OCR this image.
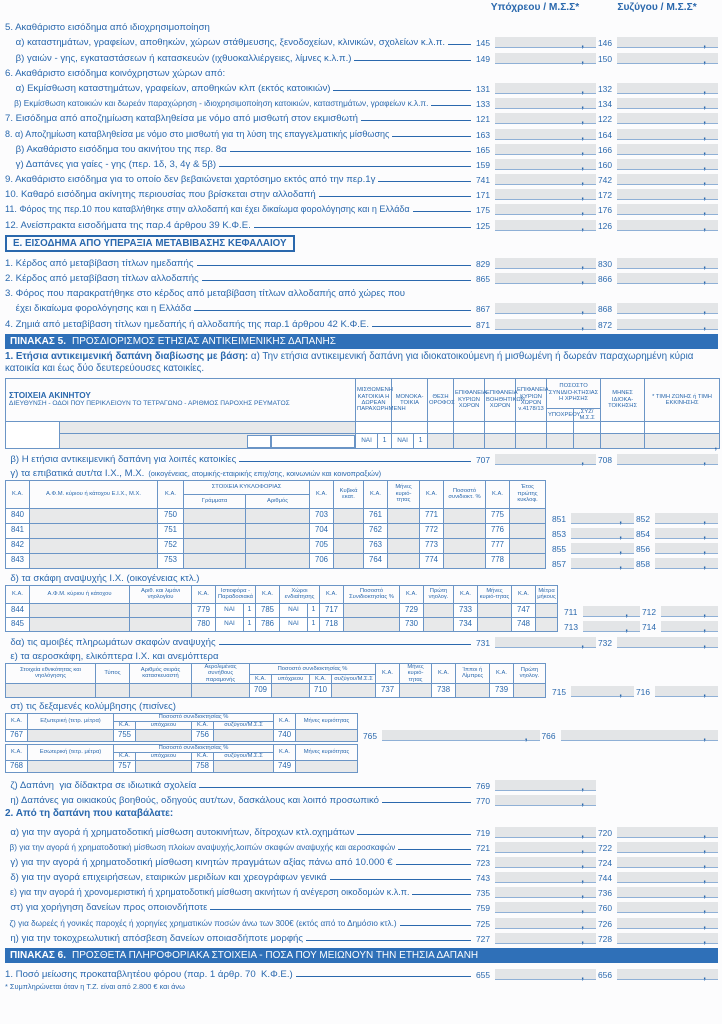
Υπόχρεου / Μ.Σ.Σ*	Συζύγου / Μ.Σ.Σ*
5. Ακαθάριστο εισόδημα από ιδιοχρησιμοποίηση
α) καταστημάτων, γραφείων, αποθηκών, χώρων στάθμευσης, ξενοδοχείων, κλινικών, σχολείων κ.λ.π.	145 ,	146
,
β) γαιών - γης, εγκαταστάσεων ή κατασκευών (ιχθυοκαλλιέργειες, λίμνες κ.λ.π.)	149 ,	150
,
6. Ακαθάριστο εισόδημα κοινόχρηστων χώρων από:
α) Εκμίσθωση καταστημάτων, γραφείων, αποθηκών κλπ (εκτός κατοικιών)	131 ,	132
,
β) Εκμίσθωση κατοικιών και δωρεάν παραχώρηση - ιδιοχρησιμοποίηση κατοικιών, καταστημάτων, γραφείων κ.λ.π.	133 ,	134
,
7. Εισόδημα από αποζημίωση καταβληθείσα με νόμο από μισθωτή στον εκμισθωτή	121 ,	122
,
8. α) Αποζημίωση καταβληθείσα με νόμο στο μισθωτή για τη λύση της επαγγελματικής μίσθωσης	163 ,	164
,
β) Ακαθάριστο εισόδημα του ακινήτου της περ. 8α	165 ,	166
,
γ) Δαπάνες για γαίες - γης (περ. 1δ, 3, 4γ & 5β)	159 ,	160
,
9. Ακαθάριστο εισόδημα για το οποίο δεν βεβαιώνεται χαρτόσημο εκτός από την περ.1γ	741 ,	742
,
10. Καθαρό εισόδημα ακίνητης περιουσίας που βρίσκεται στην αλλοδαπή	171 ,	172
,
11. Φόρος της περ.10 που καταβλήθηκε στην αλλοδαπή και έχει δικαίωμα φορολόγησης και η Ελλάδα	175 ,	176
,
12. Ανείσπρακτα εισοδήματα της παρ.4 άρθρου 39 Κ.Φ.Ε.	125 ,	126
,
Ε. ΕΙΣΟΔΗΜΑ ΑΠΟ ΥΠΕΡΑΞΙΑ ΜΕΤΑΒΙΒΑΣΗΣ ΚΕΦΑΛΑΙΟΥ
1. Κέρδος από μεταβίβαση τίτλων ημεδαπής	829 ,	830
,
2. Κέρδος από μεταβίβαση τίτλων αλλοδαπής	865 ,	866
,
3. Φόρος που παρακρατήθηκε στο κέρδος από μεταβίβαση τίτλων αλλοδαπής από χώρες που
έχει δικαίωμα φορολόγησης και η Ελλάδα	867 ,	868
,
4. Ζημιά από μεταβίβαση τίτλων ημεδαπής ή αλλοδαπής της παρ.1 άρθρου 42 Κ.Φ.Ε.	871 ,	872
,
ΠΙΝΑΚΑΣ 5. ΠΡΟΣΔΙΟΡΙΣΜΟΣ ΕΤΗΣΙΑΣ ΑΝΤΙΚΕΙΜΕΝΙΚΗΣ ΔΑΠΑΝΗΣ
1. Ετήσια αντικειμενική δαπάνη διαβίωσης με βάση: α) Την ετήσια αντικειμενική δαπάνη για ιδιοκατοικούμενη ή μισθωμένη ή δωρεάν παραχωρημένη κύρια κατοικία και έως δύο δευτερεύουσες κατοικίες.
ΣΤΟΙΧΕΙΑ ΑΚΙΝΗΤΟΥ
ΔΙΕΥΘΥΝΣΗ - ΟΔΟΙ ΠΟΥ ΠΕΡΙΚΛΕΙΟΥΝ ΤΟ ΤΕΤΡΑΓΩΝΟ - ΑΡΙΘΜΟΣ ΠΑΡΟΧΗΣ ΡΕΥΜΑΤΟΣ		ΜΙΣΘΩΜΕΝΗ ΚΑΤΟΙΚΙΑ Η ΔΩΡΕΑΝ ΠΑΡΑΧΩΡΗΜΕΝΗ		ΜΟΝΟΚΑ-ΤΟΙΚΙΑ		ΘΕΣΗ ΟΡΟΦΟΣ	ΕΠΙΦΑΝΕΙΑ ΚΥΡΙΩΝ ΧΩΡΩΝ	ΕΠΙΦΑΝΕΙΑ ΒΟΗΘΗΤΙΚΩΝ ΧΩΡΩΝ	ΕΠΙΦΑΝΕΙΑ ΚΥΡΙΩΝ ΧΩΡΩΝ ν.4178/13	ΠΟΣΟΣΤΟ ΣΥΝΙΔΙΟ-ΚΤΗΣΙΑΣ Η ΧΡΗΣΗΣ		ΜΗΝΕΣ ΙΔΙΟΚΑ-ΤΟΙΚΗΣΗΣ	* ΤΙΜΗ ΖΩΝΗΣ ή ΤΙΜΗ ΕΚΚΙΝΗΣΗΣ
										ΥΠΟΧΡΕΟΥ	ΣΥΖ/Μ.Σ.Σ		

		ΝΑΙ	1	ΝΑΙ	1								,
β) Η ετήσια αντικειμενική δαπάνη για λοιπές κατοικίες	707 ,	708
,
γ) τα επιβατικά αυτ/τα Ι.Χ., Μ.Χ. (οικογένειας, ατομικής-εταιρικής επιχ/σης, κοινωνιών και κοινοπραξιών)
Κ.Α.	Α.Φ.Μ. κύριου ή κάτοχου Ε.Ι.Χ., Μ.Χ.	Κ.Α.	ΣΤΟΙΧΕΙΑ ΚΥΚΛΟΦΟΡΙΑΣ		Κ.Α.	Κυβικά εκατ.	Κ.Α.	Μήνες κυριό-τητας	Κ.Α.	Ποσοστό συνιδιοκτ. %	Κ.Α.	Έτος πρώτης κυκλοφ.
			Γράμματα	Αριθμός								
840		750			703		761		771		775	
841		751			704		762		772		776	
842		752			705		763		773		777	
843		753			706		764		774		778	
851 ,	852
,
853 ,	854
,
855 ,	856
,
857 ,	858
,
δ) τα σκάφη αναψυχής Ι.Χ. (οικογένειας κτλ.)
Κ.Α.	Α.Φ.Μ. κύριου ή κάτοχου	Αριθ. και λιμάνι νηολογίου	Κ.Α.	Ιστιοφόρα - Παραδοσιακά		Κ.Α.	Χώροι ενδιαίτησης		Κ.Α.	Ποσοστό Συνιδιοκτησίας %	Κ.Α.	Πρώτη νηολογ.	Κ.Α.	Μήνες κυριό-τητας	Κ.Α.	Μέτρα μήκους
844			779	ΝΑΙ	1	785	ΝΑΙ	1	717		729		733		747	
845			780	ΝΑΙ	1	786	ΝΑΙ	1	718		730		734		748	
711 ,	712
,
713 ,	714
,
δα) τις αμοιβές πληρωμάτων σκαφών αναψυχής	731 ,	732
,
ε) τα αεροσκάφη, ελικόπτερα Ι.Χ. και ανεμόπτερα
Στοιχεία εθνικότητας και νηολόγησης	Τύπος	Αριθμός σειράς κατασκευαστή	Αερολιμένας συνήθους παραμονής	Ποσοστό συνιδιοκτησίας %				Κ.Α.	Μήνες κυριό-τητας	Κ.Α.	Ίπποι ή Λίμπρες	Κ.Α.	Πρώτη νηολογ.
				Κ.Α.	υπόχρεου	Κ.Α.	συζύγου/Μ.Σ.Σ						
				709		710		737		738		739		715 ,	716
,
στ) τις δεξαμενές κολύμβησης (πισίνες)
Κ.Α.	Εξωτερική (τετρ. μέτρα)	Ποσοστό συνιδιοκτησίας %				Κ.Α.	Μήνες κυριότητας
		Κ.Α.	υπόχρεου	Κ.Α.	συζύγου/Μ.Σ.Σ		
767		755		756		740	
Κ.Α.	Εσωτερική (τετρ. μέτρα)	Ποσοστό συνιδιοκτησίας %				Κ.Α.	Μήνες κυριότητας
		Κ.Α.	υπόχρεου	Κ.Α.	συζύγου/Μ.Σ.Σ		
768		757		758		749	
765 ,	766
,
ζ) Δαπάνη  για δίδακτρα σε ιδιωτικά σχολεία	769
,
η) Δαπάνες για οικιακούς βοηθούς, οδηγούς αυτ/των, δασκάλους και λοιπό προσωπικό	770
,
2. Από τη δαπάνη που καταβάλατε:
α) για την αγορά ή χρηματοδοτική μίσθωση αυτοκινήτων, δίτροχων κτλ.οχημάτων	719 ,	720
,
β) για την αγορά ή χρηματοδοτική μίσθωση πλοίων αναψυχής,λοιπών σκαφών αναψυχής και αεροσκαφών	721 ,	722
,
γ) για την αγορά ή χρηματοδοτική μίσθωση κινητών πραγμάτων αξίας πάνω από 10.000 €	723 ,	724
,
δ) για την αγορά επιχειρήσεων, εταιρικών μεριδίων και χρεογράφων γενικά	743 ,	744
,
ε) για την αγορά ή χρονομεριστική ή χρηματοδοτική μίσθωση ακινήτων ή ανέγερση οικοδομών κ.λ.π.	735 ,	736
,
στ) για χορήγηση δανείων προς οποιονδήποτε	759 ,	760
,
ζ) για δωρεές ή γονικές παροχές ή χορηγίες χρηματικών ποσών άνω των 300€ (εκτός από το Δημόσιο κτλ.)	725 ,	726
,
η) για την τοκοχρεωλυτική απόσβεση δανείων οποιασδήποτε μορφής	727 ,	728
,
ΠΙΝΑΚΑΣ 6. ΠΡΟΣΘΕΤΑ ΠΛΗΡΟΦΟΡΙΑΚΑ ΣΤΟΙΧΕΙΑ - ΠΟΣΑ ΠΟΥ ΜΕΙΩΝΟΥΝ ΤΗΝ ΕΤΗΣΙΑ ΔΑΠΑΝΗ
1. Ποσό μείωσης προκαταβλητέου φόρου (παρ. 1 άρθρ. 70  Κ.Φ.Ε.)	655 ,	656
,
* Συμπληρώνεται όταν η Τ.Ζ. είναι από 2.800 € και άνω
